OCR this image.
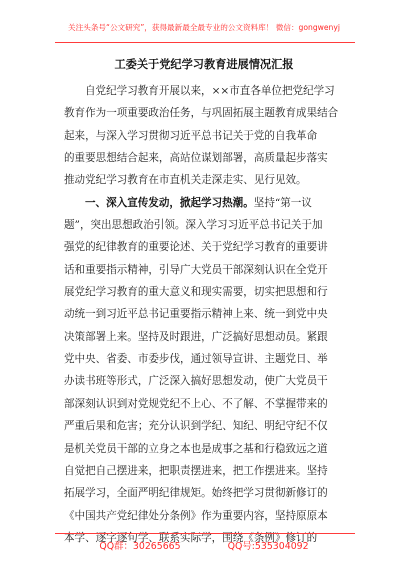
关注头条号“公文研究”，获得最新最全最专业的公文资料库！ 微信：gongwenyj
工委关于党纪学习教育进展情况汇报
自党纪学习教育开展以来，××市直各单位把党纪学习
教育作为一项重要政治任务，与巩固拓展主题教育成果结合
起来，与深入学习贯彻习近平总书记关于党的自我革命
的重要思想结合起来，高站位谋划部署，高质量起步落实
推动党纪学习教育在市直机关走深走实、见行见效。
一、深入宣传发动，掀起学习热潮。坚持“第一议
题”，突出思想政治引领。深入学习习近平总书记关于加
强党的纪律教育的重要论述、关于党纪学习教育的重要讲
话和重要指示精神，引导广大党员干部深刻认识在全党开
展党纪学习教育的重大意义和现实需要，切实把思想和行
动统一到习近平总书记重要指示精神上来、统一到党中央
决策部署上来。坚持及时跟进，广泛搞好思想动员。紧跟
党中央、省委、市委步伐，通过领导宣讲、主题党日、举
办读书班等形式，广泛深入搞好思想发动，使广大党员干
部深刻认识到对党规党纪不上心、不了解、不掌握带来的
严重后果和危害；充分认识到学纪、知纪、明纪守纪不仅
是机关党员干部的立身之本也是成事之基和行稳致远之道
自觉把自己摆进来，把职责摆进来，把工作摆进来。坚持
拓展学习，全面严明纪律规矩。始终把学习贯彻新修订的
《中国共产党纪律处分条例》作为重要内容，坚持原原本
本学、逐字逐句学、联系实际学，围绕《条例》修订的
QQ群：30265665	QQ号:535304092
